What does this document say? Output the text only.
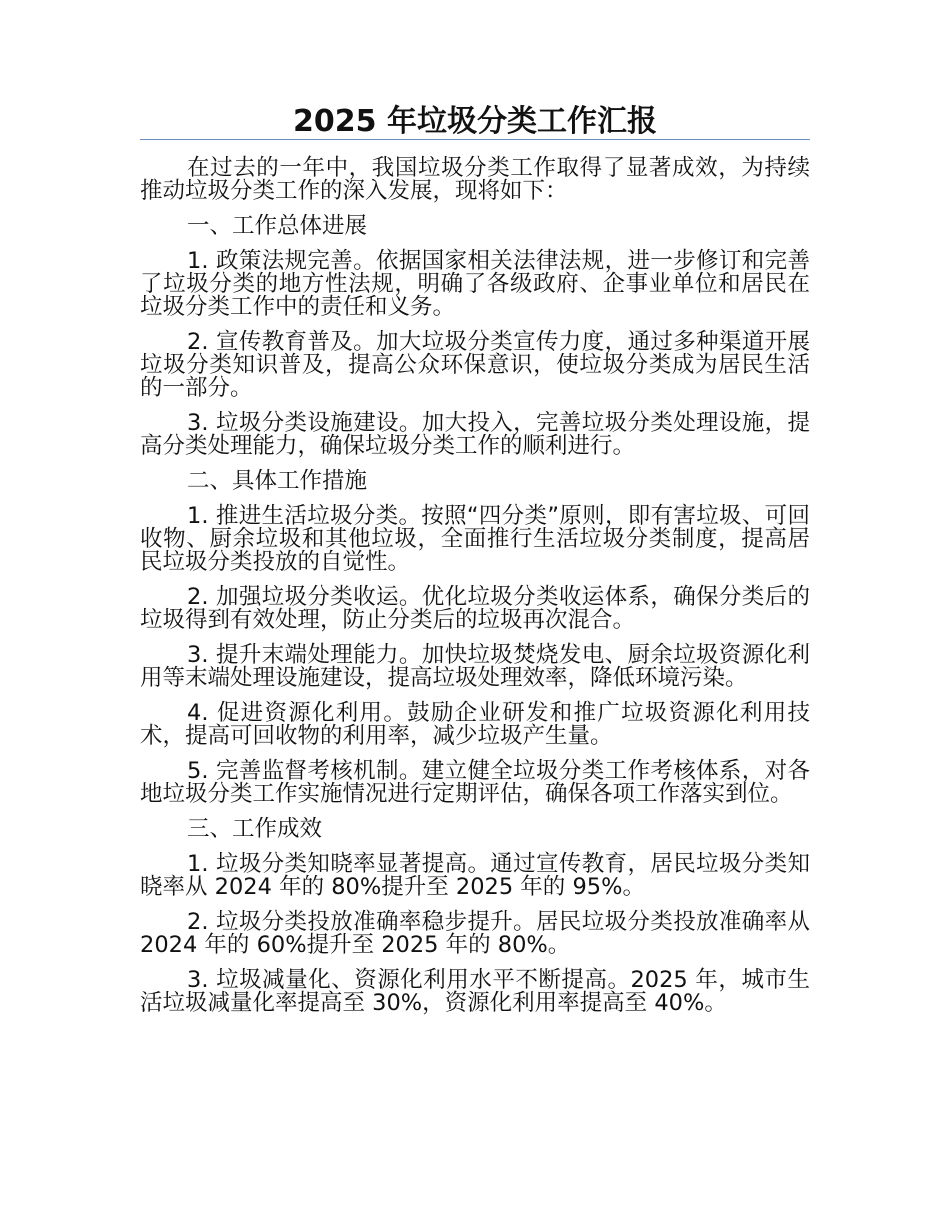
2025 年垃圾分类工作汇报

在过去的一年中，我国垃圾分类工作取得了显著成效，为持续推动垃圾分类工作的深入发展，现将如下：

一、工作总体进展

1. 政策法规完善。依据国家相关法律法规，进一步修订和完善了垃圾分类的地方性法规，明确了各级政府、企事业单位和居民在垃圾分类工作中的责任和义务。

2. 宣传教育普及。加大垃圾分类宣传力度，通过多种渠道开展垃圾分类知识普及，提高公众环保意识，使垃圾分类成为居民生活的一部分。

3. 垃圾分类设施建设。加大投入，完善垃圾分类处理设施，提高分类处理能力，确保垃圾分类工作的顺利进行。

二、具体工作措施

1. 推进生活垃圾分类。按照“四分类”原则，即有害垃圾、可回收物、厨余垃圾和其他垃圾，全面推行生活垃圾分类制度，提高居民垃圾分类投放的自觉性。

2. 加强垃圾分类收运。优化垃圾分类收运体系，确保分类后的垃圾得到有效处理，防止分类后的垃圾再次混合。

3. 提升末端处理能力。加快垃圾焚烧发电、厨余垃圾资源化利用等末端处理设施建设，提高垃圾处理效率，降低环境污染。

4. 促进资源化利用。鼓励企业研发和推广垃圾资源化利用技术，提高可回收物的利用率，减少垃圾产生量。

5. 完善监督考核机制。建立健全垃圾分类工作考核体系，对各地垃圾分类工作实施情况进行定期评估，确保各项工作落实到位。

三、工作成效

1. 垃圾分类知晓率显著提高。通过宣传教育，居民垃圾分类知晓率从 2024 年的 80%提升至 2025 年的 95%。

2. 垃圾分类投放准确率稳步提升。居民垃圾分类投放准确率从 2024 年的 60%提升至 2025 年的 80%。

3. 垃圾减量化、资源化利用水平不断提高。2025 年，城市生活垃圾减量化率提高至 30%，资源化利用率提高至 40%。
